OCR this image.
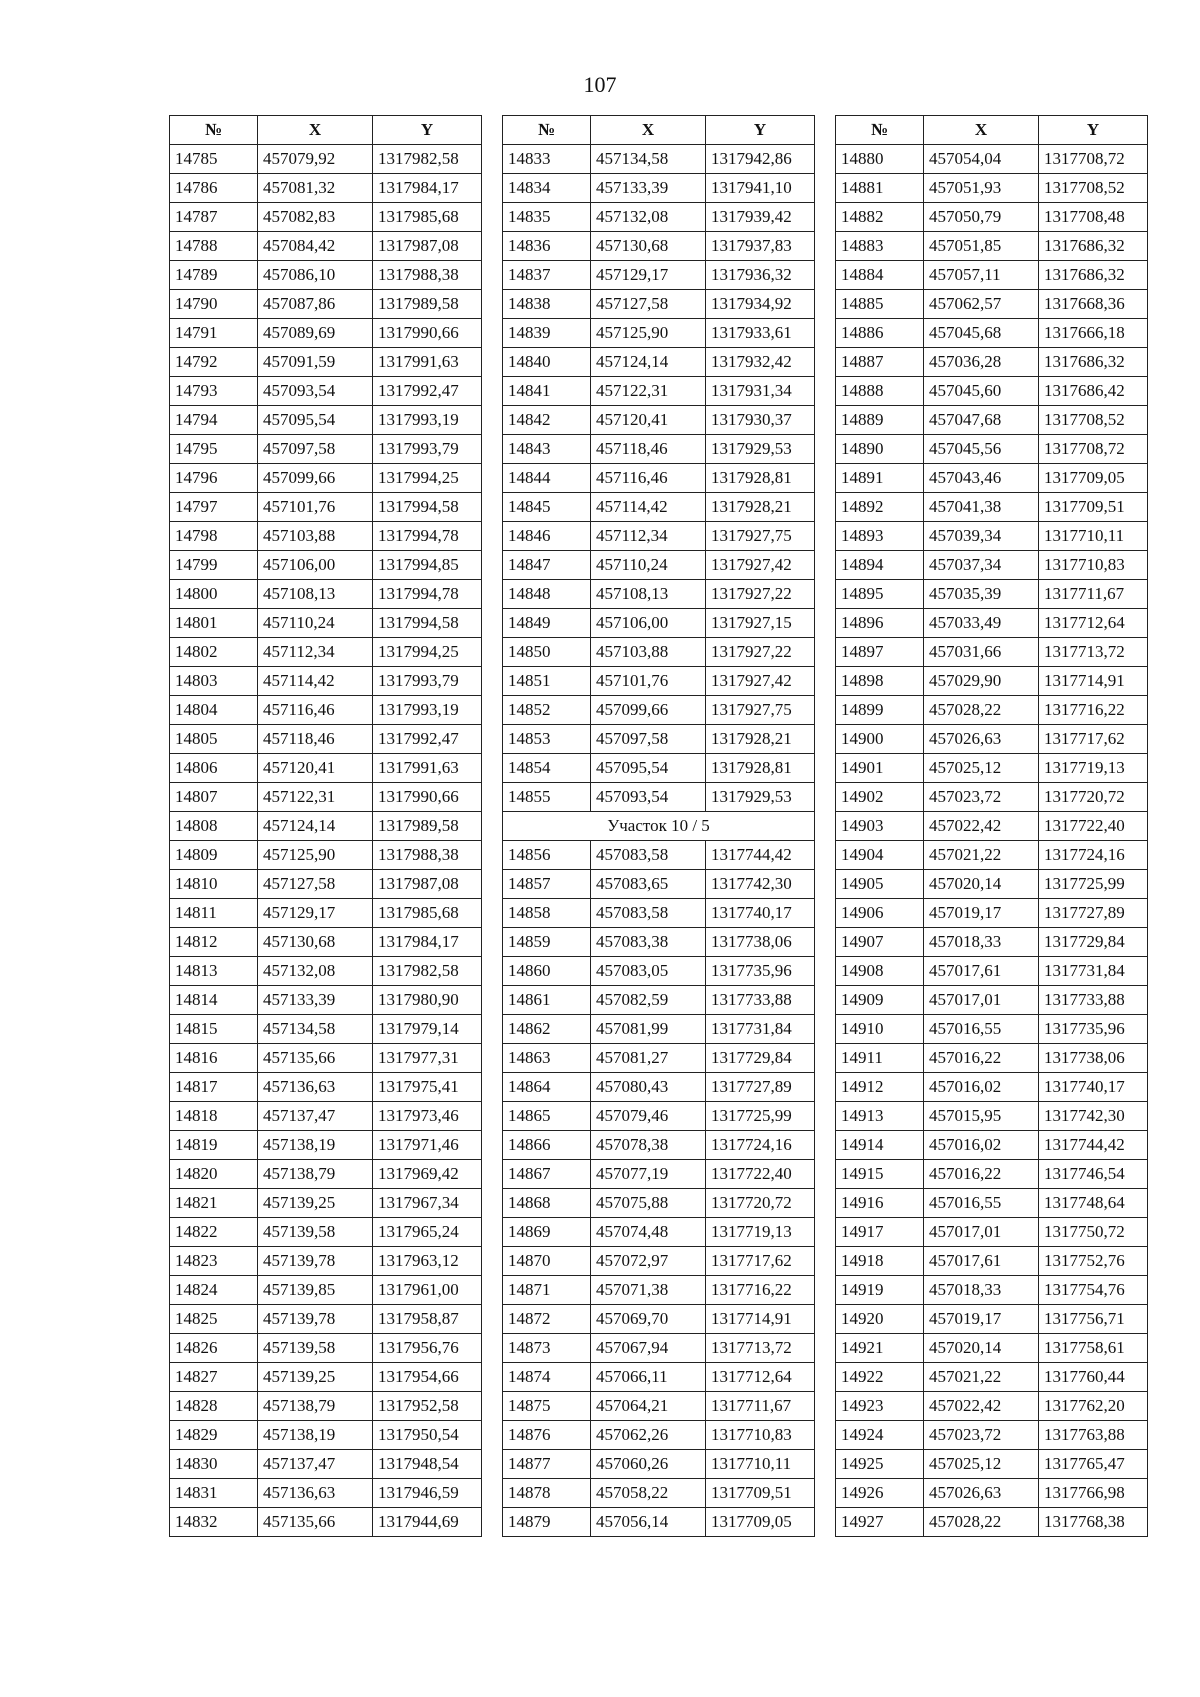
107
№	X	Y
14785	457079,92	1317982,58
14786	457081,32	1317984,17
14787	457082,83	1317985,68
14788	457084,42	1317987,08
14789	457086,10	1317988,38
14790	457087,86	1317989,58
14791	457089,69	1317990,66
14792	457091,59	1317991,63
14793	457093,54	1317992,47
14794	457095,54	1317993,19
14795	457097,58	1317993,79
14796	457099,66	1317994,25
14797	457101,76	1317994,58
14798	457103,88	1317994,78
14799	457106,00	1317994,85
14800	457108,13	1317994,78
14801	457110,24	1317994,58
14802	457112,34	1317994,25
14803	457114,42	1317993,79
14804	457116,46	1317993,19
14805	457118,46	1317992,47
14806	457120,41	1317991,63
14807	457122,31	1317990,66
14808	457124,14	1317989,58
14809	457125,90	1317988,38
14810	457127,58	1317987,08
14811	457129,17	1317985,68
14812	457130,68	1317984,17
14813	457132,08	1317982,58
14814	457133,39	1317980,90
14815	457134,58	1317979,14
14816	457135,66	1317977,31
14817	457136,63	1317975,41
14818	457137,47	1317973,46
14819	457138,19	1317971,46
14820	457138,79	1317969,42
14821	457139,25	1317967,34
14822	457139,58	1317965,24
14823	457139,78	1317963,12
14824	457139,85	1317961,00
14825	457139,78	1317958,87
14826	457139,58	1317956,76
14827	457139,25	1317954,66
14828	457138,79	1317952,58
14829	457138,19	1317950,54
14830	457137,47	1317948,54
14831	457136,63	1317946,59
14832	457135,66	1317944,69
№	X	Y
14833	457134,58	1317942,86
14834	457133,39	1317941,10
14835	457132,08	1317939,42
14836	457130,68	1317937,83
14837	457129,17	1317936,32
14838	457127,58	1317934,92
14839	457125,90	1317933,61
14840	457124,14	1317932,42
14841	457122,31	1317931,34
14842	457120,41	1317930,37
14843	457118,46	1317929,53
14844	457116,46	1317928,81
14845	457114,42	1317928,21
14846	457112,34	1317927,75
14847	457110,24	1317927,42
14848	457108,13	1317927,22
14849	457106,00	1317927,15
14850	457103,88	1317927,22
14851	457101,76	1317927,42
14852	457099,66	1317927,75
14853	457097,58	1317928,21
14854	457095,54	1317928,81
14855	457093,54	1317929,53
Участок 10 / 5		
14856	457083,58	1317744,42
14857	457083,65	1317742,30
14858	457083,58	1317740,17
14859	457083,38	1317738,06
14860	457083,05	1317735,96
14861	457082,59	1317733,88
14862	457081,99	1317731,84
14863	457081,27	1317729,84
14864	457080,43	1317727,89
14865	457079,46	1317725,99
14866	457078,38	1317724,16
14867	457077,19	1317722,40
14868	457075,88	1317720,72
14869	457074,48	1317719,13
14870	457072,97	1317717,62
14871	457071,38	1317716,22
14872	457069,70	1317714,91
14873	457067,94	1317713,72
14874	457066,11	1317712,64
14875	457064,21	1317711,67
14876	457062,26	1317710,83
14877	457060,26	1317710,11
14878	457058,22	1317709,51
14879	457056,14	1317709,05
№	X	Y
14880	457054,04	1317708,72
14881	457051,93	1317708,52
14882	457050,79	1317708,48
14883	457051,85	1317686,32
14884	457057,11	1317686,32
14885	457062,57	1317668,36
14886	457045,68	1317666,18
14887	457036,28	1317686,32
14888	457045,60	1317686,42
14889	457047,68	1317708,52
14890	457045,56	1317708,72
14891	457043,46	1317709,05
14892	457041,38	1317709,51
14893	457039,34	1317710,11
14894	457037,34	1317710,83
14895	457035,39	1317711,67
14896	457033,49	1317712,64
14897	457031,66	1317713,72
14898	457029,90	1317714,91
14899	457028,22	1317716,22
14900	457026,63	1317717,62
14901	457025,12	1317719,13
14902	457023,72	1317720,72
14903	457022,42	1317722,40
14904	457021,22	1317724,16
14905	457020,14	1317725,99
14906	457019,17	1317727,89
14907	457018,33	1317729,84
14908	457017,61	1317731,84
14909	457017,01	1317733,88
14910	457016,55	1317735,96
14911	457016,22	1317738,06
14912	457016,02	1317740,17
14913	457015,95	1317742,30
14914	457016,02	1317744,42
14915	457016,22	1317746,54
14916	457016,55	1317748,64
14917	457017,01	1317750,72
14918	457017,61	1317752,76
14919	457018,33	1317754,76
14920	457019,17	1317756,71
14921	457020,14	1317758,61
14922	457021,22	1317760,44
14923	457022,42	1317762,20
14924	457023,72	1317763,88
14925	457025,12	1317765,47
14926	457026,63	1317766,98
14927	457028,22	1317768,38
